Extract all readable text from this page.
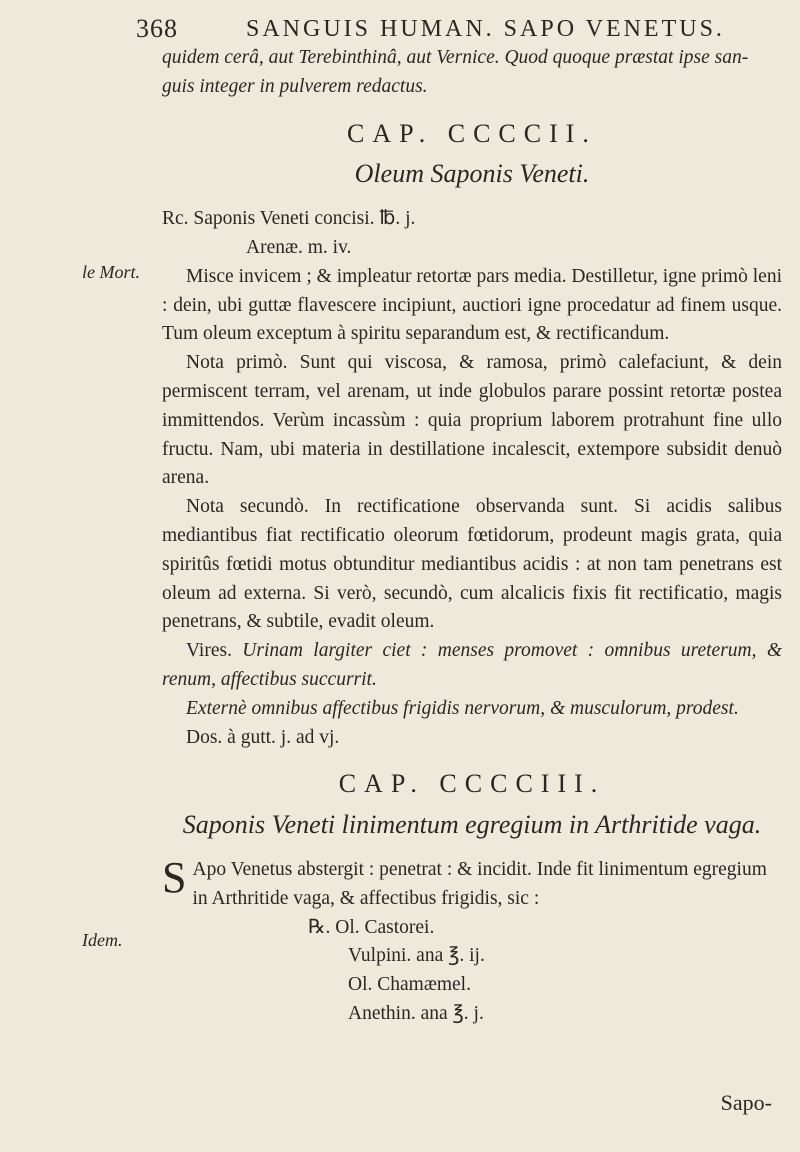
368	SANGUIS HUMAN. SAPO VENETUS.

quidem cerâ, aut Terebinthinâ, aut Vernice. Quod quoque præstat ipse san-

guis integer in pulverem redactus.

CAP. CCCCII.
Oleum Saponis Veneti.

Rc. Saponis Veneti concisi. ℔. j.

Arenæ. m. iv.

Misce invicem ; & impleatur retortæ pars media. Destilletur, igne primò leni : dein, ubi guttæ flavescere incipiunt, auctiori igne procedatur ad finem usque. Tum oleum exceptum à spiritu separandum est, & rectificandum.

Nota primò. Sunt qui viscosa, & ramosa, primò calefaciunt, & dein permiscent terram, vel arenam, ut inde globulos parare possint retortæ postea immittendos. Verùm incassùm : quia proprium laborem protrahunt fine ullo fructu. Nam, ubi materia in destillatione incalescit, extempore subsidit denuò arena.

Nota secundò. In rectificatione observanda sunt. Si acidis salibus mediantibus fiat rectificatio oleorum fœtidorum, prodeunt magis grata, quia spiritûs fœtidi motus obtunditur mediantibus acidis : at non tam penetrans est oleum ad externa. Si verò, secundò, cum alcalicis fixis fit rectificatio, magis penetrans, & subtile, evadit oleum.

Vires. Urinam largiter ciet : menses promovet : omnibus ureterum, & renum, affectibus succurrit.

Externè omnibus affectibus frigidis nervorum, & musculorum, prodest.

Dos. à gutt. j. ad vj.

CAP. CCCCIII.
Saponis Veneti linimentum egregium in Arthritide vaga.

S Apo Venetus abstergit : penetrat : & incidit. Inde fit linimentum egregium in Arthritide vaga, & affectibus frigidis, sic :

℞. Ol. Castorei.

Vulpini. ana ℥. ij.

Ol. Chamæmel.

Anethin. ana ℥. j.

le Mort.
Idem.
Sapo-
